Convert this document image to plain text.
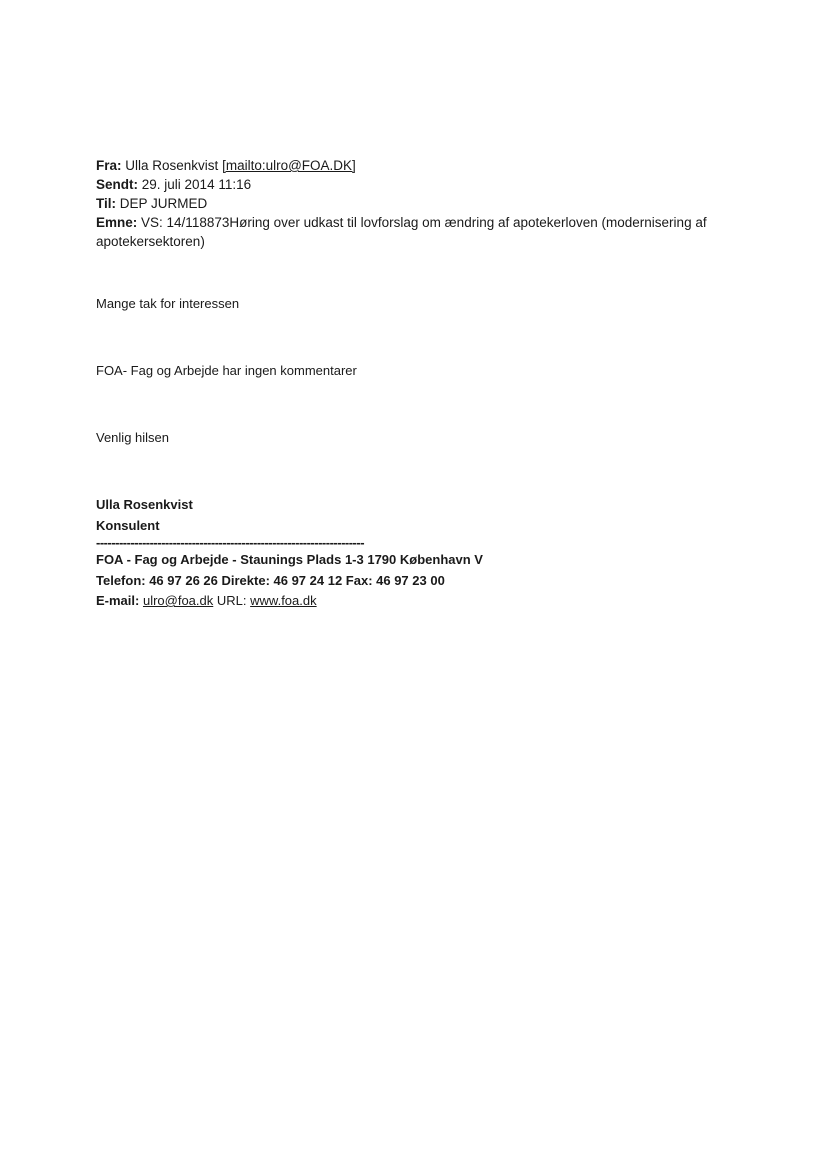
Fra: Ulla Rosenkvist [mailto:ulro@FOA.DK]

Sendt: 29. juli 2014 11:16

Til: DEP JURMED

Emne: VS: 14/118873Høring over udkast til lovforslag om ændring af apotekerloven (modernisering af apotekersektoren)

Mange tak for interessen

FOA- Fag og Arbejde har ingen kommentarer

Venlig hilsen

Ulla Rosenkvist

Konsulent

----------------------------------------------------------------------

FOA - Fag og Arbejde - Staunings Plads 1-3 1790 København V

Telefon: 46 97 26 26 Direkte: 46 97 24 12 Fax: 46 97 23 00

E-mail: ulro@foa.dk URL: www.foa.dk
